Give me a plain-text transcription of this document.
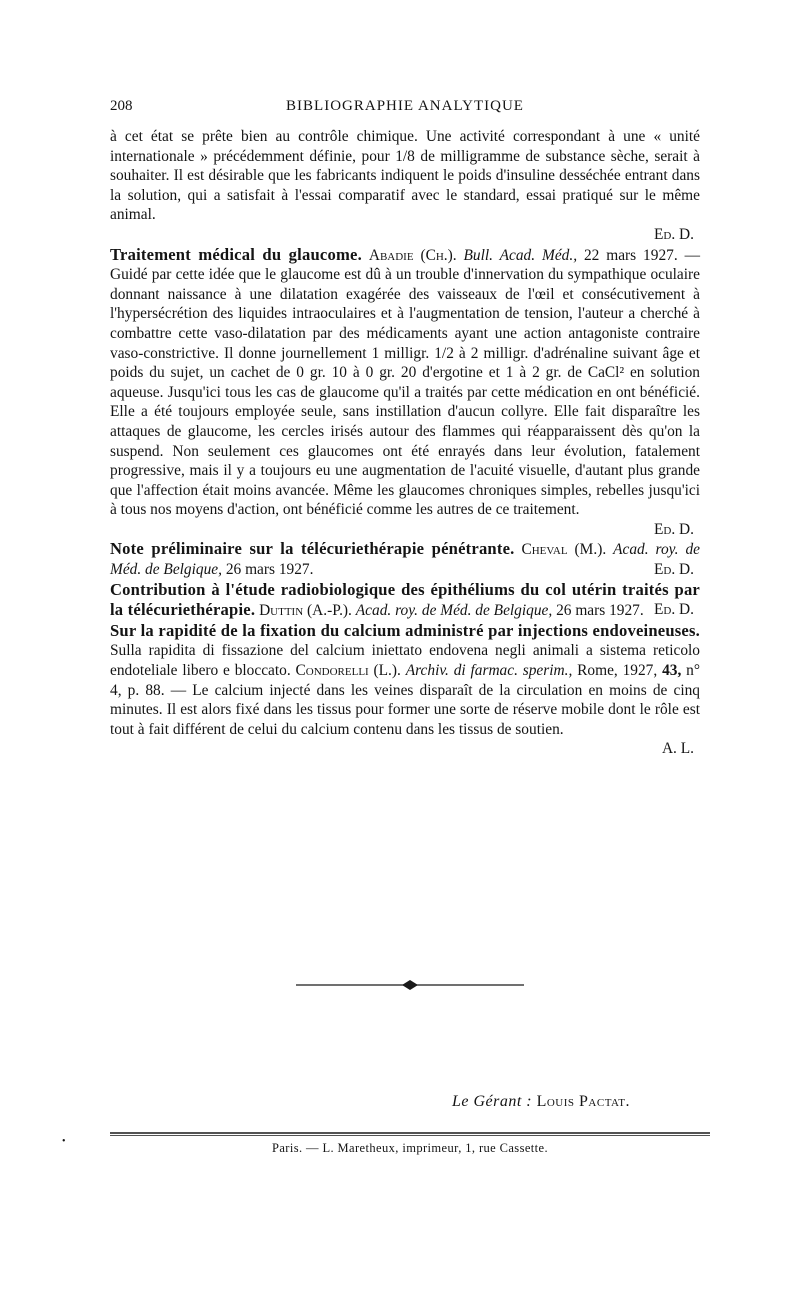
208	BIBLIOGRAPHIE ANALYTIQUE

à cet état se prête bien au contrôle chimique. Une activité correspondant à une « unité internationale » précédemment définie, pour 1/8 de milligramme de substance sèche, serait à souhaiter. Il est désirable que les fabricants indiquent le poids d'insuline desséchée entrant dans la solution, qui a satisfait à l'essai comparatif avec le standard, essai pratiqué sur le même animal.

Ed. D.

Traitement médical du glaucome. Abadie (Ch.). Bull. Acad. Méd., 22 mars 1927. — Guidé par cette idée que le glaucome est dû à un trouble d'innervation du sympathique oculaire donnant naissance à une dilatation exagérée des vaisseaux de l'œil et consécutivement à l'hypersécrétion des liquides intraoculaires et à l'augmentation de tension, l'auteur a cherché à combattre cette vaso-dilatation par des médicaments ayant une action antagoniste contraire vaso-constrictive. Il donne journellement 1 milligr. 1/2 à 2 milligr. d'adrénaline suivant âge et poids du sujet, un cachet de 0 gr. 10 à 0 gr. 20 d'ergotine et 1 à 2 gr. de CaCl² en solution aqueuse. Jusqu'ici tous les cas de glaucome qu'il a traités par cette médication en ont bénéficié. Elle a été toujours employée seule, sans instillation d'aucun collyre. Elle fait disparaître les attaques de glaucome, les cercles irisés autour des flammes qui réapparaissent dès qu'on la suspend. Non seulement ces glaucomes ont été enrayés dans leur évolution, fatalement progressive, mais il y a toujours eu une augmentation de l'acuité visuelle, d'autant plus grande que l'affection était moins avancée. Même les glaucomes chroniques simples, rebelles jusqu'ici à tous nos moyens d'action, ont bénéficié comme les autres de ce traitement.

Ed. D.

Note préliminaire sur la télécuriethérapie pénétrante. Cheval (M.). Acad. roy. de Méd. de Belgique, 26 mars 1927.	Ed. D.

Contribution à l'étude radiobiologique des épithéliums du col utérin traités par la télécuriethérapie. Duttin (A.-P.). Acad. roy. de Méd. de Belgique, 26 mars 1927. Ed. D.

Sur la rapidité de la fixation du calcium administré par injections endoveineuses. Sulla rapidita di fissazione del calcium iniettato endovena negli animali a sistema reticolo endoteliale libero e bloccato. Condorelli (L.). Archiv. di farmac. sperim., Rome, 1927, 43, n° 4, p. 88. — Le calcium injecté dans les veines disparaît de la circulation en moins de cinq minutes. Il est alors fixé dans les tissus pour former une sorte de réserve mobile dont le rôle est tout à fait différent de celui du calcium contenu dans les tissus de soutien.

A. L.
Le Gérant : Louis Pactat.
•	Paris. — L. Maretheux, imprimeur, 1, rue Cassette.
